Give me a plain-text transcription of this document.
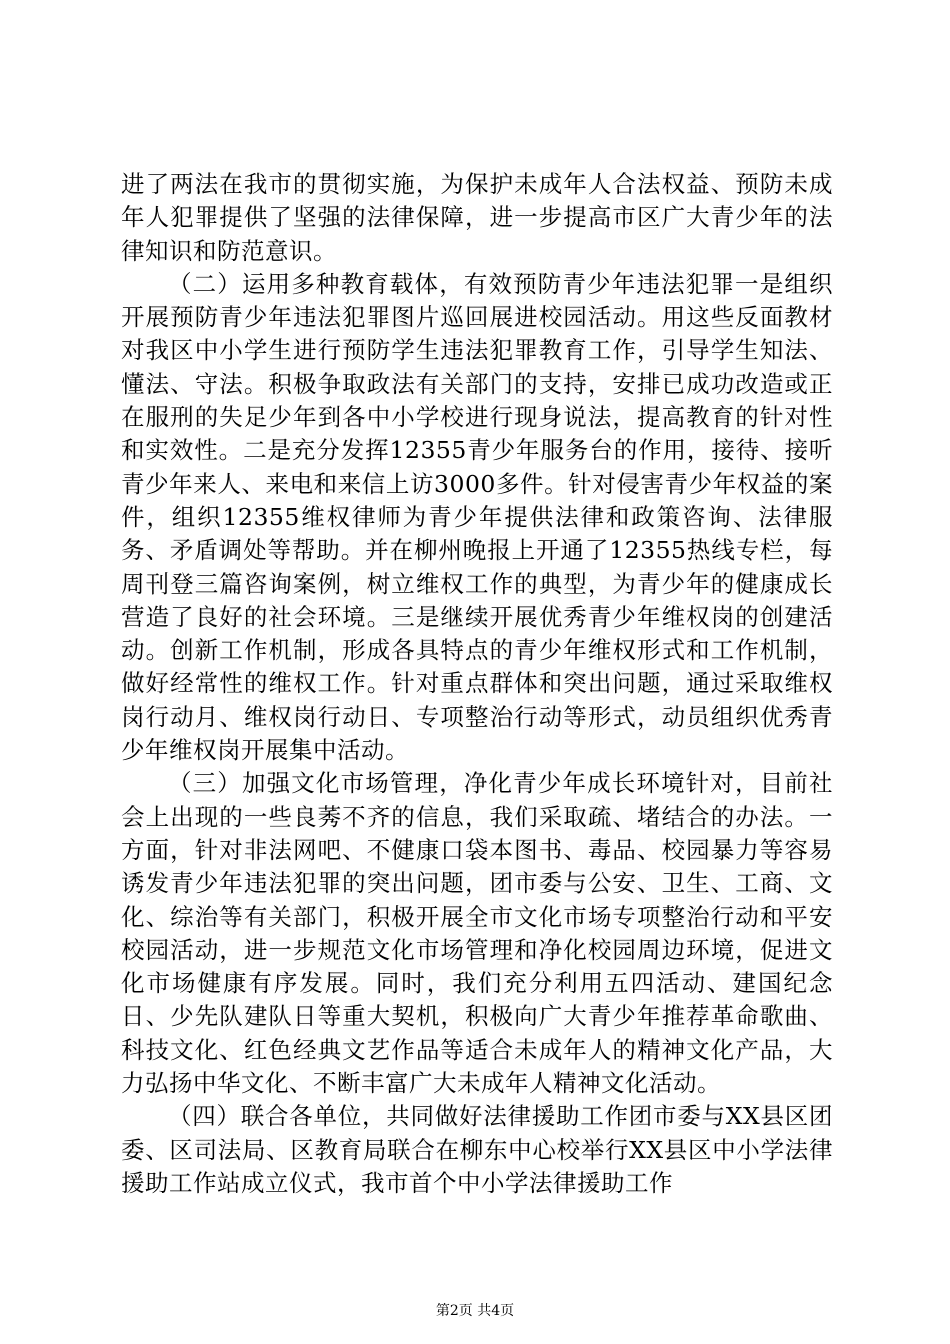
进了两法在我市的贯彻实施，为保护未成年人合法权益、预防未成年人犯罪提供了坚强的法律保障，进一步提高市区广大青少年的法律知识和防范意识。

（二）运用多种教育载体，有效预防青少年违法犯罪一是组织开展预防青少年违法犯罪图片巡回展进校园活动。用这些反面教材对我区中小学生进行预防学生违法犯罪教育工作，引导学生知法、懂法、守法。积极争取政法有关部门的支持，安排已成功改造或正在服刑的失足少年到各中小学校进行现身说法，提高教育的针对性和实效性。二是充分发挥12355青少年服务台的作用，接待、接听青少年来人、来电和来信上访3000多件。针对侵害青少年权益的案件，组织12355维权律师为青少年提供法律和政策咨询、法律服务、矛盾调处等帮助。并在柳州晚报上开通了12355热线专栏，每周刊登三篇咨询案例，树立维权工作的典型，为青少年的健康成长营造了良好的社会环境。三是继续开展优秀青少年维权岗的创建活动。创新工作机制，形成各具特点的青少年维权形式和工作机制，做好经常性的维权工作。针对重点群体和突出问题，通过采取维权岗行动月、维权岗行动日、专项整治行动等形式，动员组织优秀青少年维权岗开展集中活动。

（三）加强文化市场管理，净化青少年成长环境针对，目前社会上出现的一些良莠不齐的信息，我们采取疏、堵结合的办法。一方面，针对非法网吧、不健康口袋本图书、毒品、校园暴力等容易诱发青少年违法犯罪的突出问题，团市委与公安、卫生、工商、文化、综治等有关部门，积极开展全市文化市场专项整治行动和平安校园活动，进一步规范文化市场管理和净化校园周边环境，促进文化市场健康有序发展。同时，我们充分利用五四活动、建国纪念日、少先队建队日等重大契机，积极向广大青少年推荐革命歌曲、科技文化、红色经典文艺作品等适合未成年人的精神文化产品，大力弘扬中华文化、不断丰富广大未成年人精神文化活动。

（四）联合各单位，共同做好法律援助工作团市委与XX县区团委、区司法局、区教育局联合在柳东中心校举行XX县区中小学法律援助工作站成立仪式，我市首个中小学法律援助工作

第2页 共4页
